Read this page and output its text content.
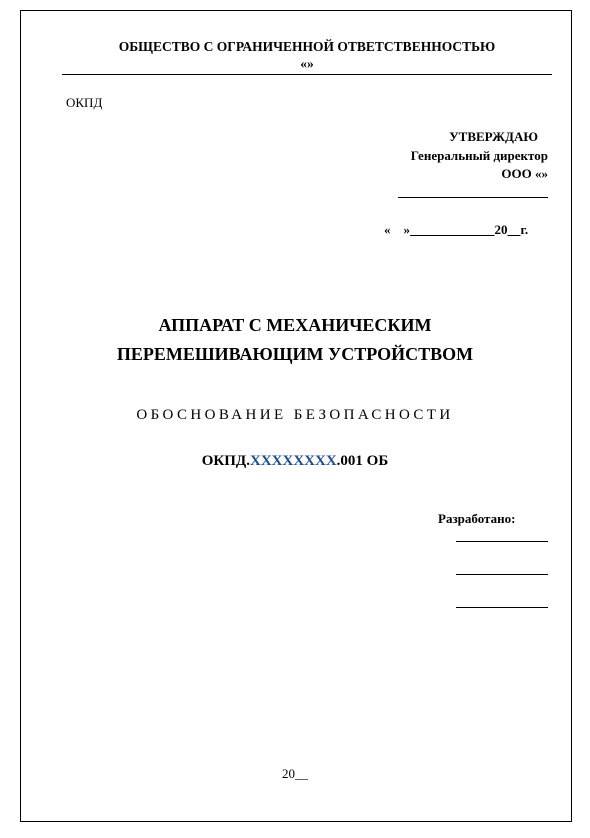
ОБЩЕСТВО С ОГРАНИЧЕННОЙ ОТВЕТСТВЕННОСТЬЮ
«»
ОКПД
УТВЕРЖДАЮ
Генеральный директор
ООО «»
«    »	20 г.
АППАРАТ С МЕХАНИЧЕСКИМ
ПЕРЕМЕШИВАЮЩИМ УСТРОЙСТВОМ
ОБОСНОВАНИЕ БЕЗОПАСНОСТИ
ОКПД.XXXXXXXX.001 ОБ
Разработано:
20__
